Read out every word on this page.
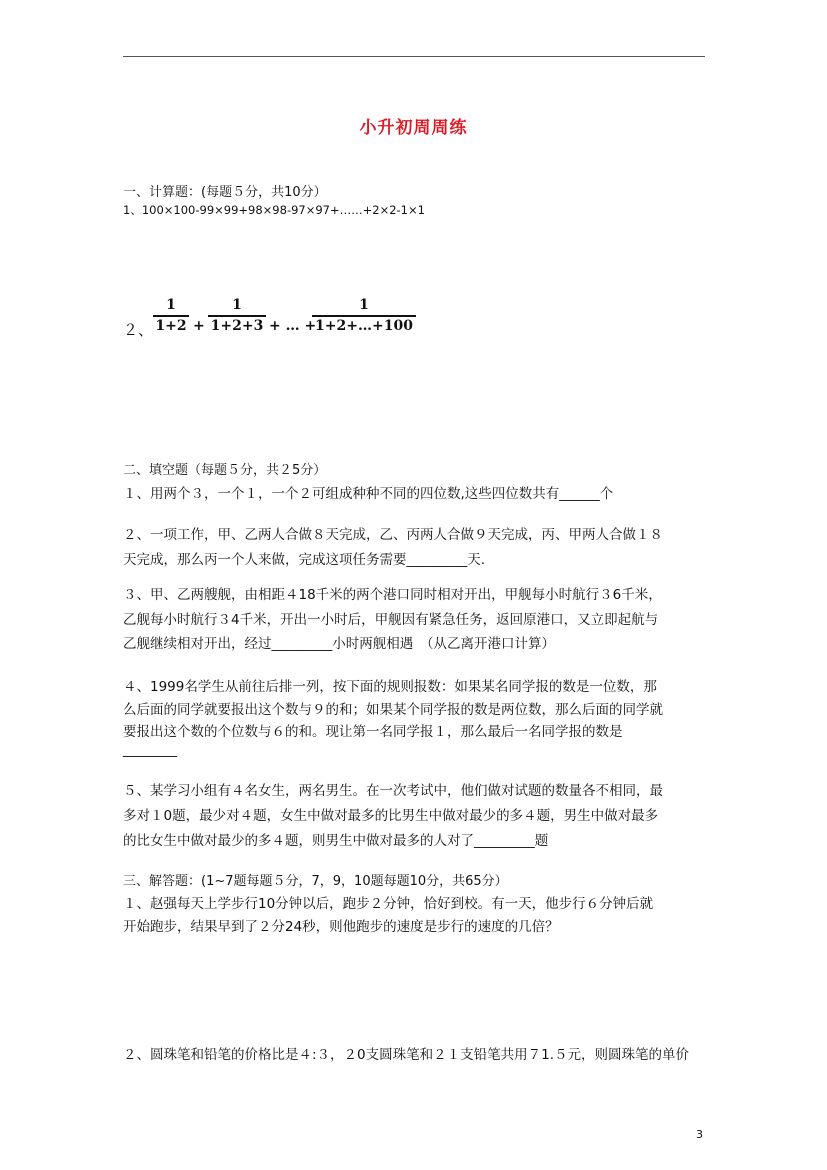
小升初周周练
一、计算题：(每题５分，共10分）
1、100×100-99×99+98×98-97×97+……+2×2-1×1
２、
1
1+2 +
1
1+2+3 + … +
1
1+2+…+100
二、填空题（每题５分，共２5分）
１、用两个３，一个１，一个２可组成种种不同的四位数,这些四位数共有______个
２、一项工作，甲、乙两人合做８天完成，乙、丙两人合做９天完成，丙、甲两人合做１８
天完成，那么丙一个人来做，完成这项任务需要_________天.
３、甲、乙两艘舰，由相距４18千米的两个港口同时相对开出，甲舰每小时航行３6千米，
乙舰每小时航行３4千米，开出一小时后，甲舰因有紧急任务，返回原港口，又立即起航与
乙舰继续相对开出，经过_________小时两舰相遇　（从乙离开港口计算）
４、1999名学生从前往后排一列，按下面的规则报数：如果某名同学报的数是一位数，那
么后面的同学就要报出这个数与９的和；如果某个同学报的数是两位数，那么后面的同学就
要报出这个数的个位数与６的和。现让第一名同学报１，那么最后一名同学报的数是
________
５、某学习小组有４名女生，两名男生。在一次考试中，他们做对试题的数量各不相同，最
多对１0题，最少对４题，女生中做对最多的比男生中做对最少的多４题，男生中做对最多
的比女生中做对最少的多４题，则男生中做对最多的人对了_________题
三、解答题：(1~7题每题５分，7，9，10题每题10分，共65分）
１、赵强每天上学步行10分钟以后，跑步２分钟，恰好到校。有一天，他步行６分钟后就
开始跑步，结果早到了２分24秒，则他跑步的速度是步行的速度的几倍？
２、圆珠笔和铅笔的价格比是４:３，２0支圆珠笔和２１支铅笔共用７1.５元，则圆珠笔的单价
3
